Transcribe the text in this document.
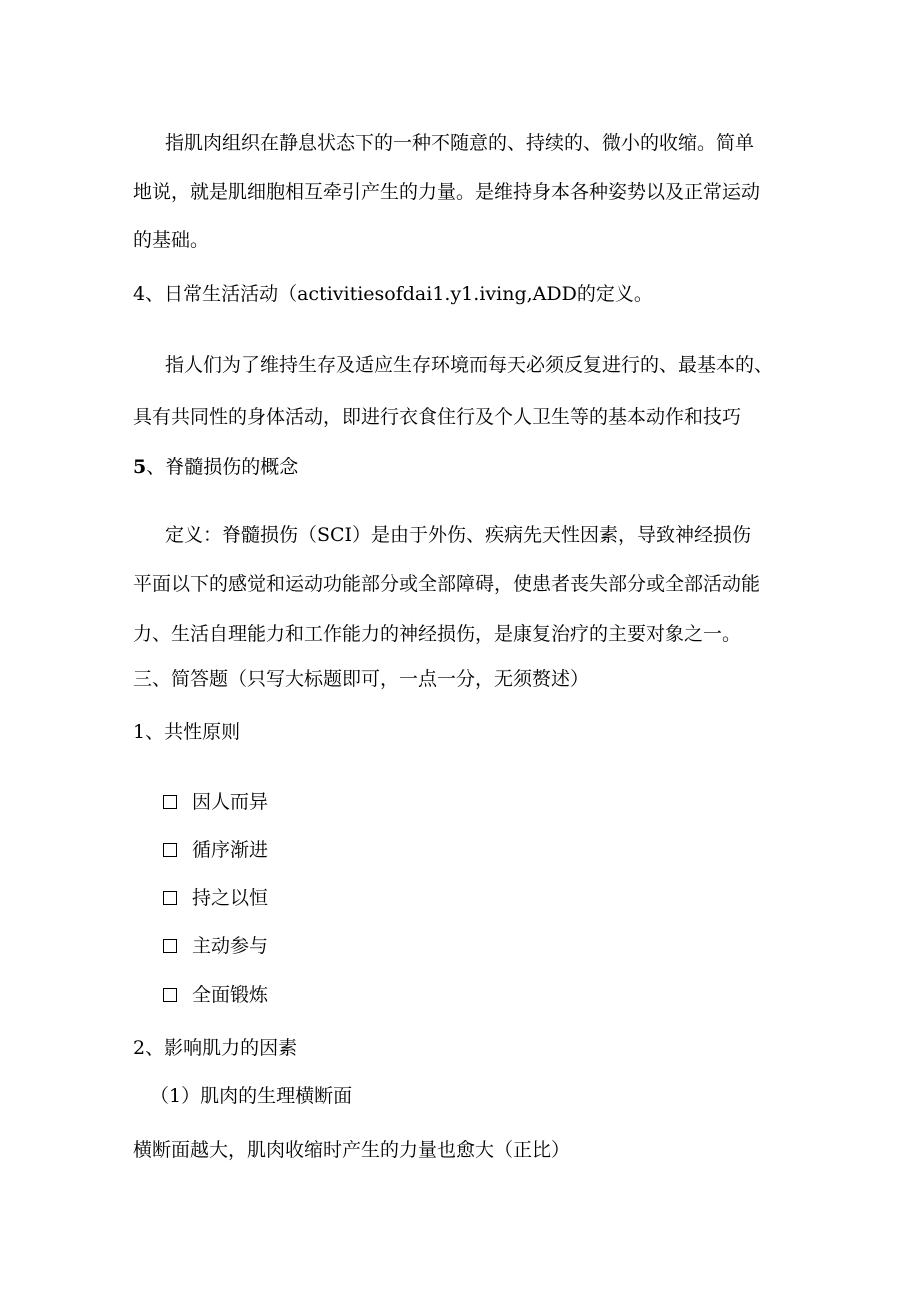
指肌肉组织在静息状态下的一种不随意的、持续的、微小的收缩。简单
地说，就是肌细胞相互牵引产生的力量。是维持身本各种姿势以及正常运动
的基础。
4、日常生活活动（activitiesofdai1.y1.iving,ADD的定义。
指人们为了维持生存及适应生存环境而每天必须反复进行的、最基本的、
具有共同性的身体活动，即进行衣食住行及个人卫生等的基本动作和技巧
5、脊髓损伤的概念
定义：脊髓损伤（SCI）是由于外伤、疾病先天性因素，导致神经损伤
平面以下的感觉和运动功能部分或全部障碍，使患者丧失部分或全部活动能
力、生活自理能力和工作能力的神经损伤，是康复治疗的主要对象之一。
三、简答题（只写大标题即可，一点一分，无须赘述）
1、共性原则
因人而异
循序渐进
持之以恒
主动参与
全面锻炼
2、影响肌力的因素
（1）肌肉的生理横断面
横断面越大，肌肉收缩时产生的力量也愈大（正比）
